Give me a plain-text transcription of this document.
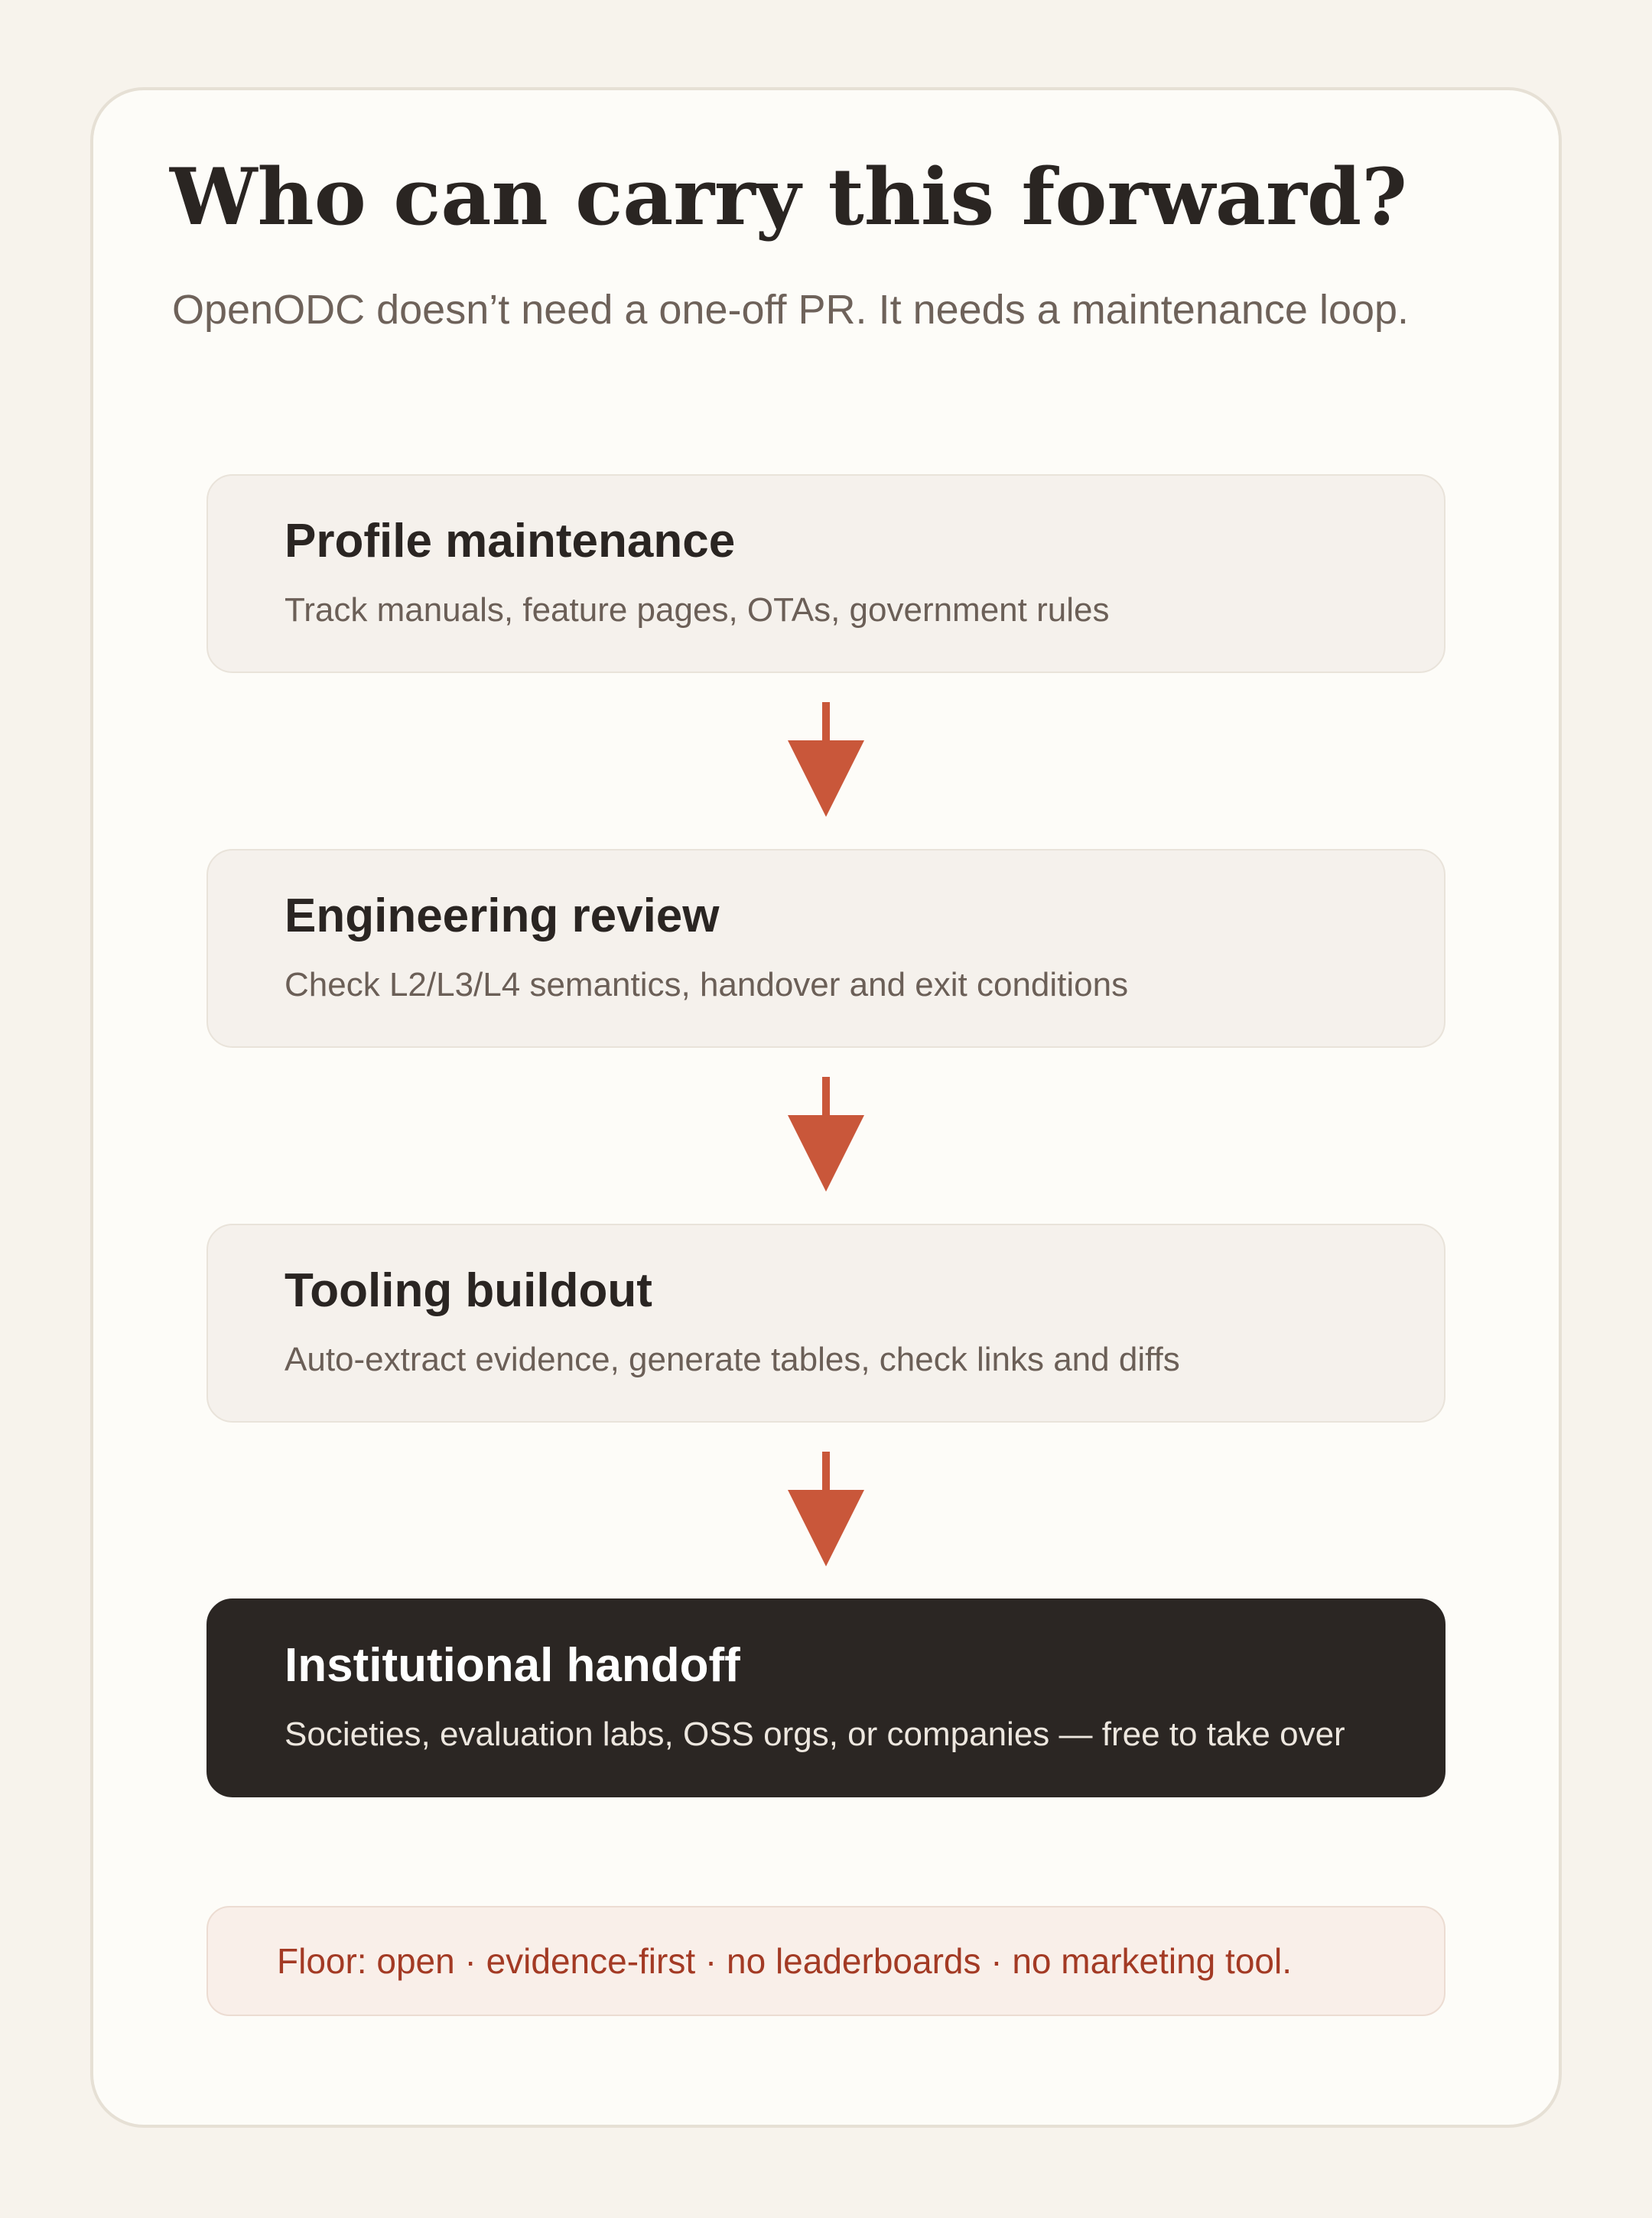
Who can carry this forward?

OpenODC doesn’t need a one-off PR. It needs a maintenance loop.

Profile maintenance
Track manuals, feature pages, OTAs, government rules
Engineering review
Check L2/L3/L4 semantics, handover and exit conditions
Tooling buildout
Auto-extract evidence, generate tables, check links and diffs
Institutional handoff
Societies, evaluation labs, OSS orgs, or companies — free to take over
Floor: open · evidence-first · no leaderboards · no marketing tool.
